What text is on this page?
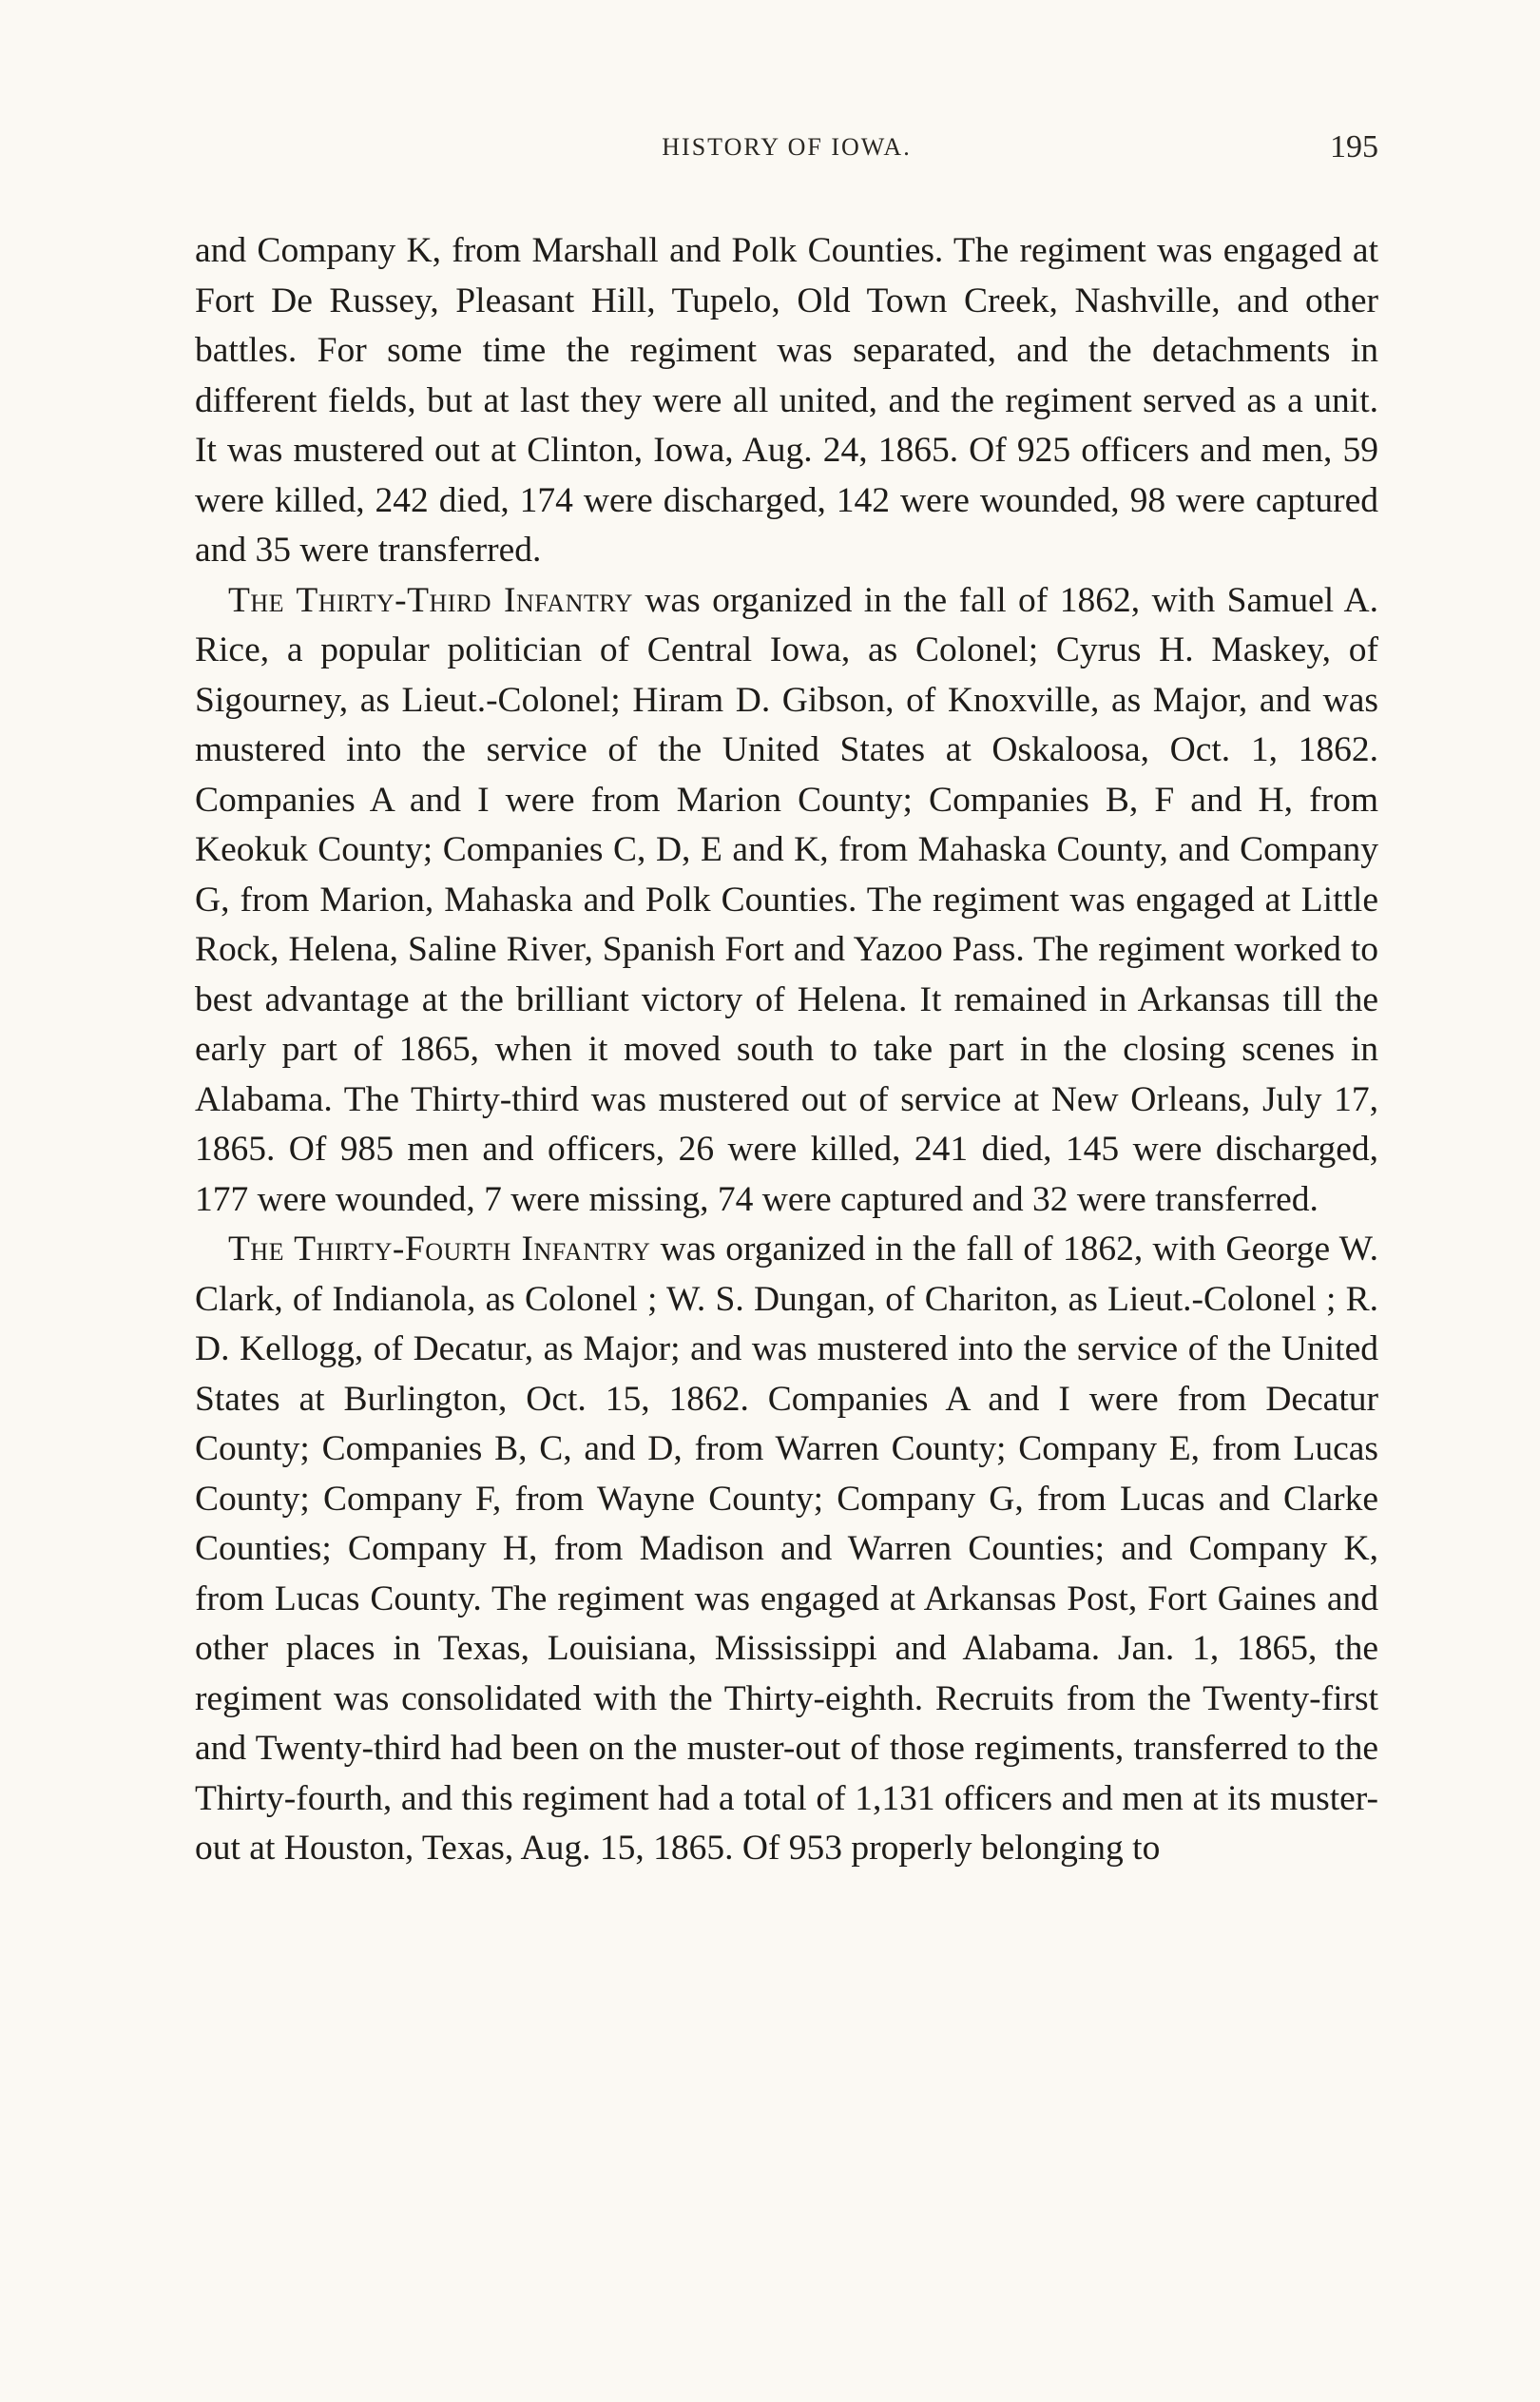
HISTORY OF IOWA.	195

and Company K, from Marshall and Polk Counties. The regiment was engaged at Fort De Russey, Pleasant Hill, Tupelo, Old Town Creek, Nashville, and other battles. For some time the regiment was separated, and the detachments in different fields, but at last they were all united, and the regiment served as a unit. It was mustered out at Clinton, Iowa, Aug. 24, 1865. Of 925 officers and men, 59 were killed, 242 died, 174 were discharged, 142 were wounded, 98 were captured and 35 were transferred.

The Thirty-Third Infantry was organized in the fall of 1862, with Samuel A. Rice, a popular politician of Central Iowa, as Colonel; Cyrus H. Maskey, of Sigourney, as Lieut.-Colonel; Hiram D. Gibson, of Knoxville, as Major, and was mustered into the service of the United States at Oskaloosa, Oct. 1, 1862. Companies A and I were from Marion County; Companies B, F and H, from Keokuk County; Companies C, D, E and K, from Mahaska County, and Company G, from Marion, Mahaska and Polk Counties. The regiment was engaged at Little Rock, Helena, Saline River, Spanish Fort and Yazoo Pass. The regiment worked to best advantage at the brilliant victory of Helena. It remained in Arkansas till the early part of 1865, when it moved south to take part in the closing scenes in Alabama. The Thirty-third was mustered out of service at New Orleans, July 17, 1865. Of 985 men and officers, 26 were killed, 241 died, 145 were discharged, 177 were wounded, 7 were missing, 74 were captured and 32 were transferred.

The Thirty-Fourth Infantry was organized in the fall of 1862, with George W. Clark, of Indianola, as Colonel ; W. S. Dungan, of Chariton, as Lieut.-Colonel ; R. D. Kellogg, of Decatur, as Major; and was mustered into the service of the United States at Burlington, Oct. 15, 1862. Companies A and I were from Decatur County; Companies B, C, and D, from Warren County; Company E, from Lucas County; Company F, from Wayne County; Company G, from Lucas and Clarke Counties; Company H, from Madison and Warren Counties; and Company K, from Lucas County. The regiment was engaged at Arkansas Post, Fort Gaines and other places in Texas, Louisiana, Mississippi and Alabama. Jan. 1, 1865, the regiment was consolidated with the Thirty-eighth. Recruits from the Twenty-first and Twenty-third had been on the muster-out of those regiments, transferred to the Thirty-fourth, and this regiment had a total of 1,131 officers and men at its muster-out at Houston, Texas, Aug. 15, 1865. Of 953 properly belonging to
